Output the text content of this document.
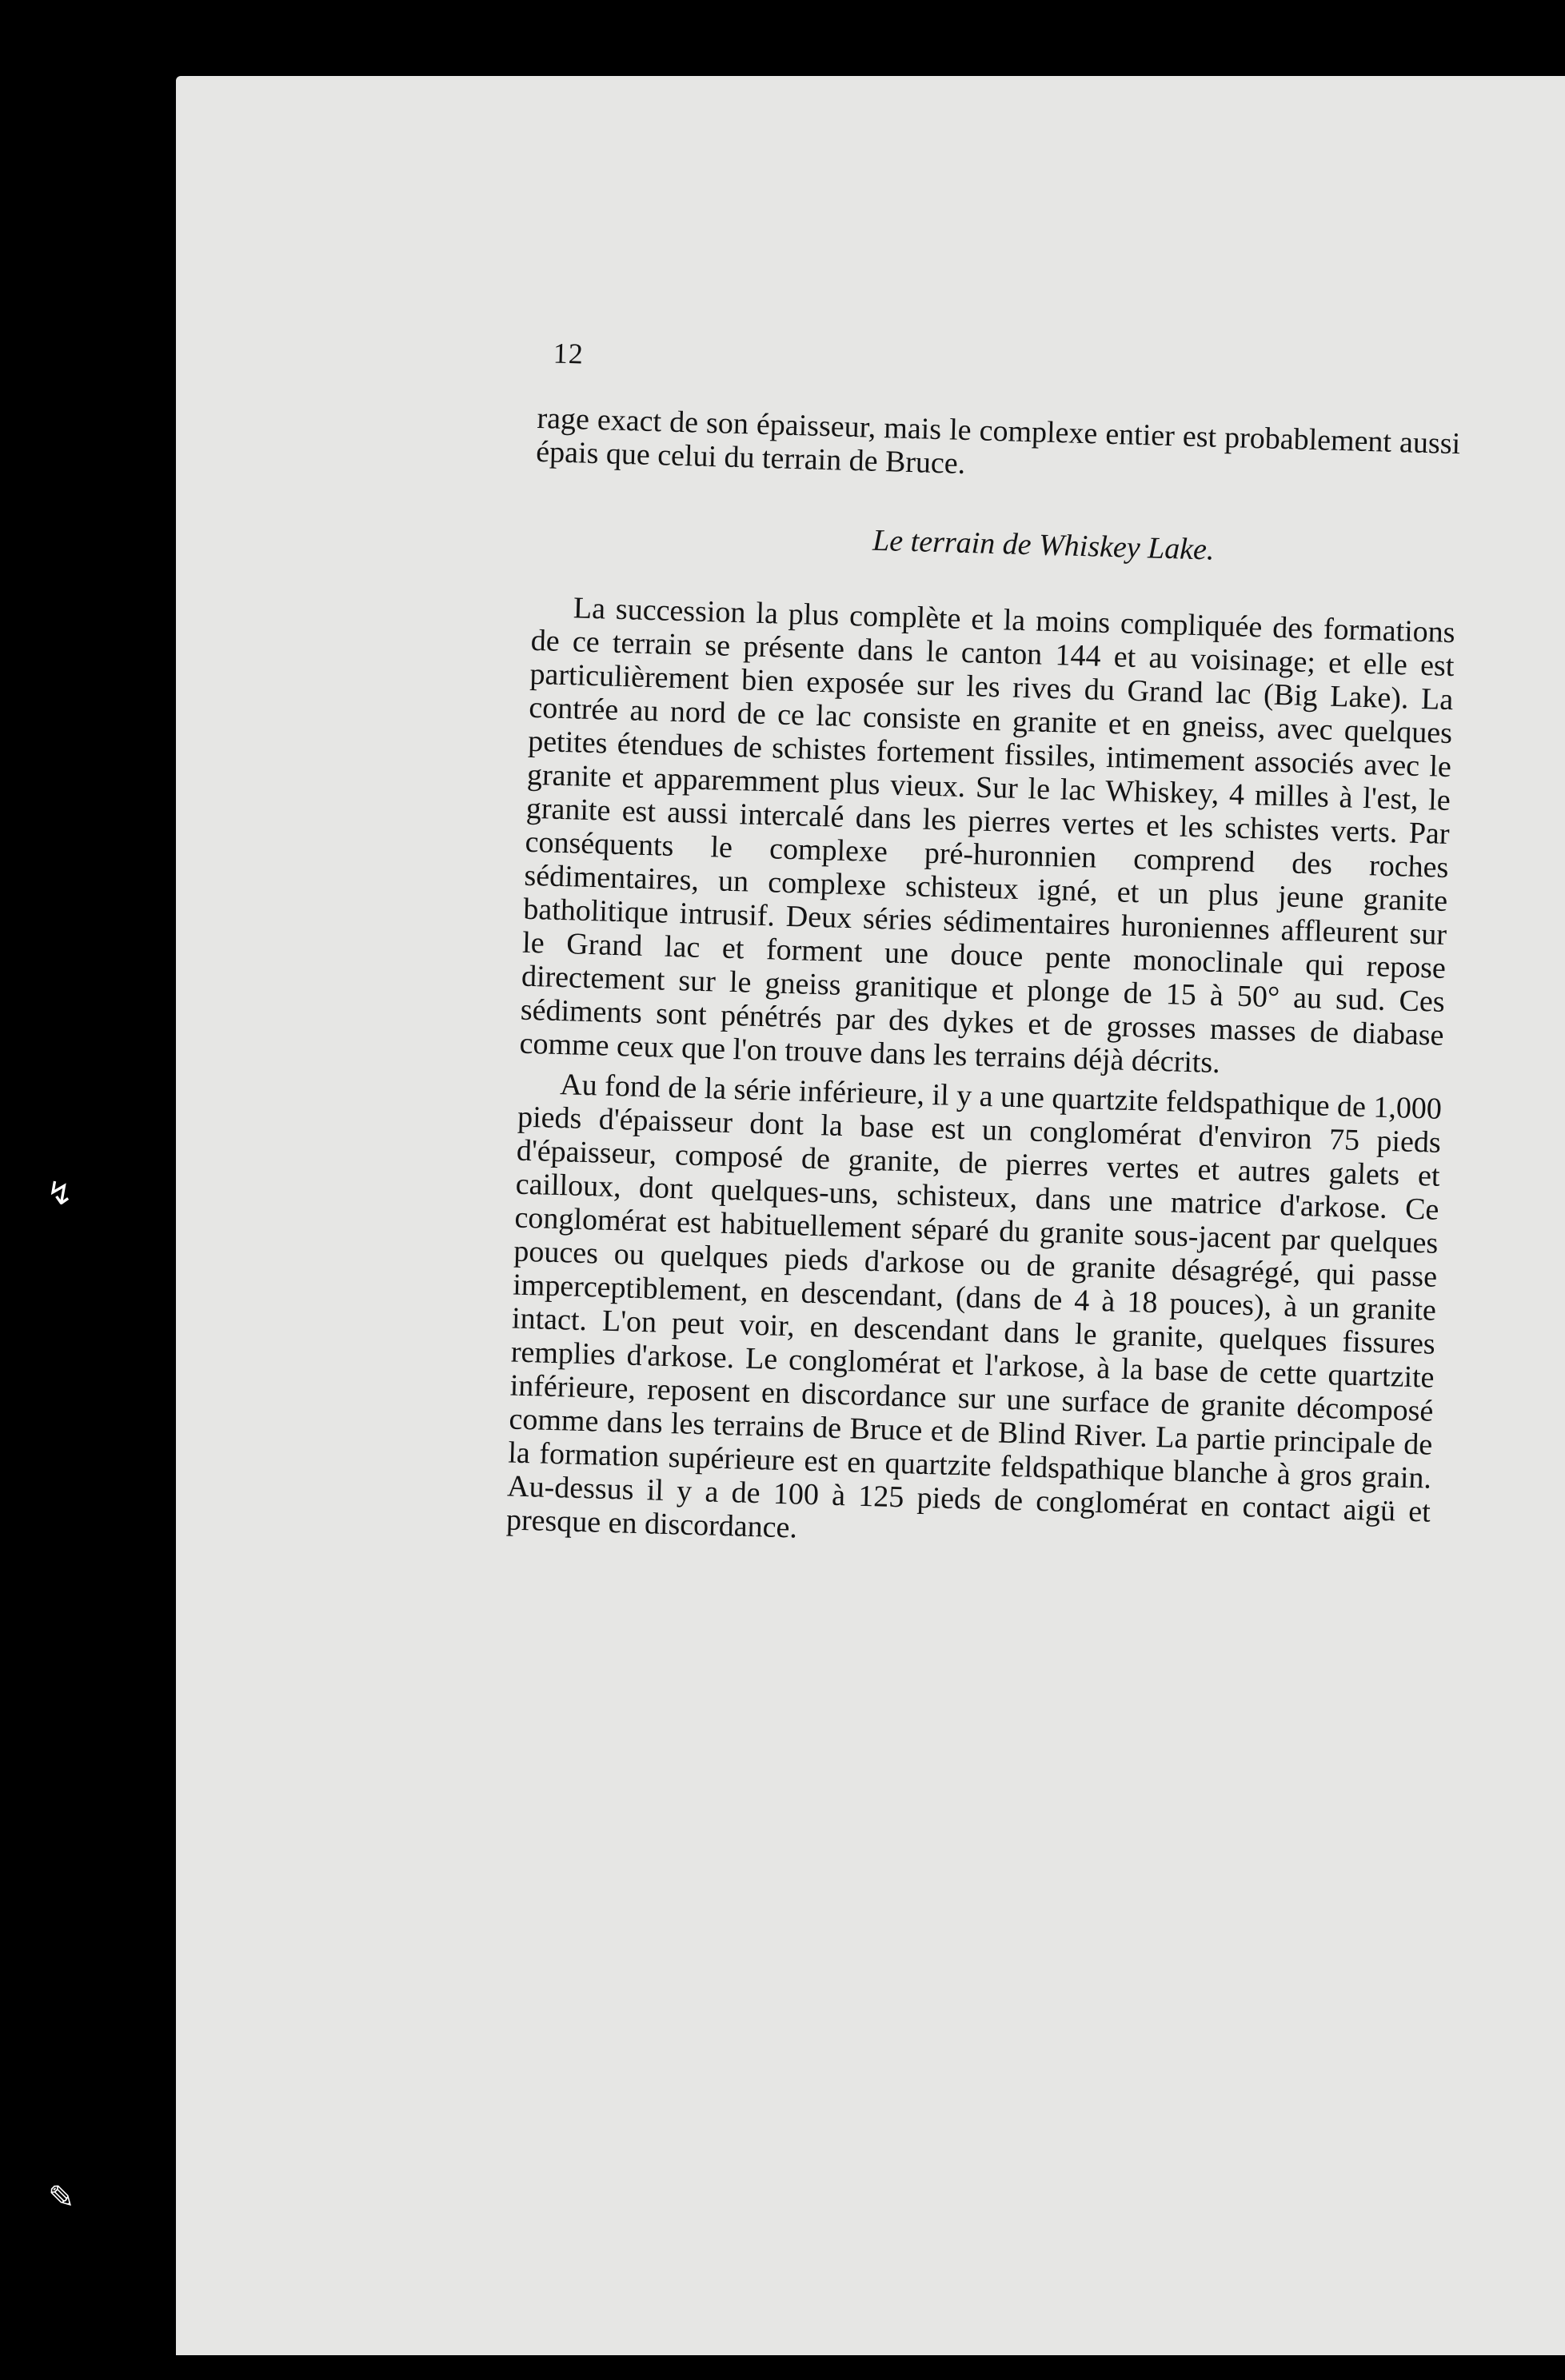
↯
✎
12

rage exact de son épaisseur, mais le complexe entier est probablement aussi épais que celui du terrain de Bruce.

Le terrain de Whiskey Lake.

La succession la plus complète et la moins compliquée des formations de ce terrain se présente dans le canton 144 et au voisinage; et elle est particulièrement bien exposée sur les rives du Grand lac (Big Lake). La contrée au nord de ce lac consiste en granite et en gneiss, avec quelques petites étendues de schistes fortement fissiles, intimement associés avec le granite et apparemment plus vieux. Sur le lac Whiskey, 4 milles à l'est, le granite est aussi intercalé dans les pierres vertes et les schistes verts. Par conséquents le complexe pré-huronnien comprend des roches sédimentaires, un complexe schisteux igné, et un plus jeune granite batholitique intrusif. Deux séries sédimentaires huroniennes affleurent sur le Grand lac et forment une douce pente monoclinale qui repose directement sur le gneiss granitique et plonge de 15 à 50° au sud. Ces sédiments sont pénétrés par des dykes et de grosses masses de diabase comme ceux que l'on trouve dans les terrains déjà décrits.

Au fond de la série inférieure, il y a une quartzite feldspathique de 1,000 pieds d'épaisseur dont la base est un conglomérat d'environ 75 pieds d'épaisseur, composé de granite, de pierres vertes et autres galets et cailloux, dont quelques-uns, schisteux, dans une matrice d'arkose. Ce conglomérat est habituellement séparé du granite sous-jacent par quelques pouces ou quelques pieds d'arkose ou de granite désagrégé, qui passe imperceptiblement, en descendant, (dans de 4 à 18 pouces), à un granite intact. L'on peut voir, en descendant dans le granite, quelques fissures remplies d'arkose. Le conglomérat et l'arkose, à la base de cette quartzite inférieure, reposent en discordance sur une surface de granite décomposé comme dans les terrains de Bruce et de Blind River. La partie principale de la formation supérieure est en quartzite feldspathique blanche à gros grain. Au-dessus il y a de 100 à 125 pieds de conglomérat en contact aigü et presque en discordance.
